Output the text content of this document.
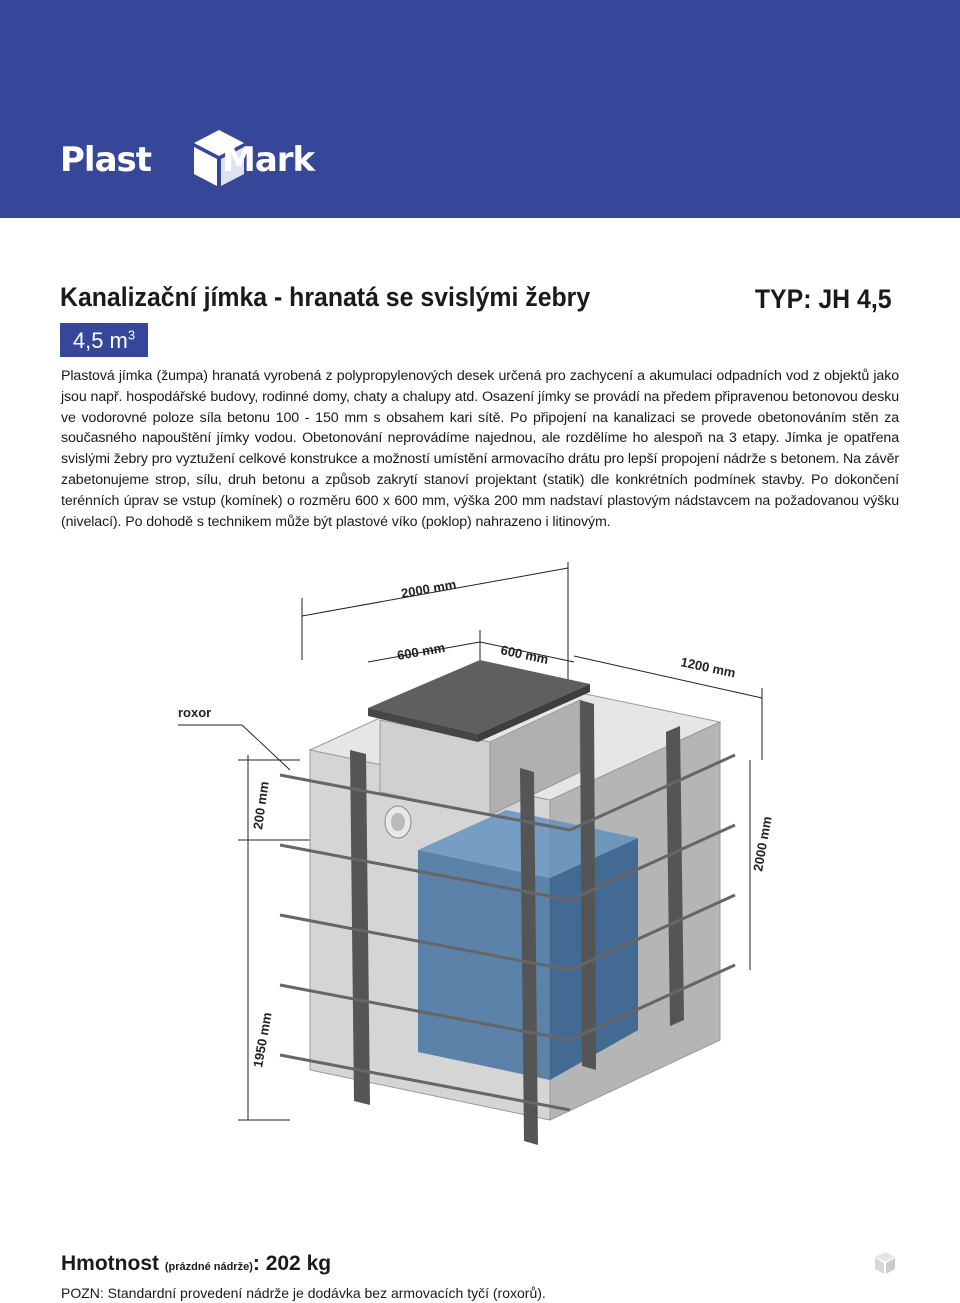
Plast Mark
Kanalizační jímka - hranatá se svislými žebry	TYP: JH 4,5
4,5 $m^3$
Plastová jímka (žumpa) hranatá vyrobená z polypropylenových desek určená pro zachycení a akumulaci odpadních vod z objektů jako jsou např. hospodářské budovy, rodinné domy, chaty a chalupy atd. Osazení jímky se provádí na předem připravenou betonovou desku ve vodorovné poloze síla betonu 100 - 150 mm s obsahem kari sítě. Po připojení na kanalizaci se provede obetonováním stěn za současného napouštění jímky vodou. Obetonování neprovádíme najednou, ale rozdělíme ho alespoň na 3 etapy. Jímka je opatřena svislými žebry pro vyztužení celkové konstrukce a možností umístění armovacího drátu pro lepší propojení nádrže s betonem. Na závěr zabetonujeme strop, sílu, druh betonu a způsob zakrytí stanoví projektant (statik) dle konkrétních podmínek stavby. Po dokončení terénních úprav se vstup (komínek) o rozměru 600 x 600 mm, výška 200 mm nadstaví plastovým nádstavcem na požadovanou výšku (nivelací). Po dohodě s technikem může být plastové víko (poklop) nahrazeno i litinovým.
2000 mm
600 mm	600 mm	1200 mm
2000 mm
200 mm
1950 mm
roxor
Hmotnost (prázdné nádrže): 202 kg
POZN: Standardní provedení nádrže je dodávka bez armovacích tyčí (roxorů).
